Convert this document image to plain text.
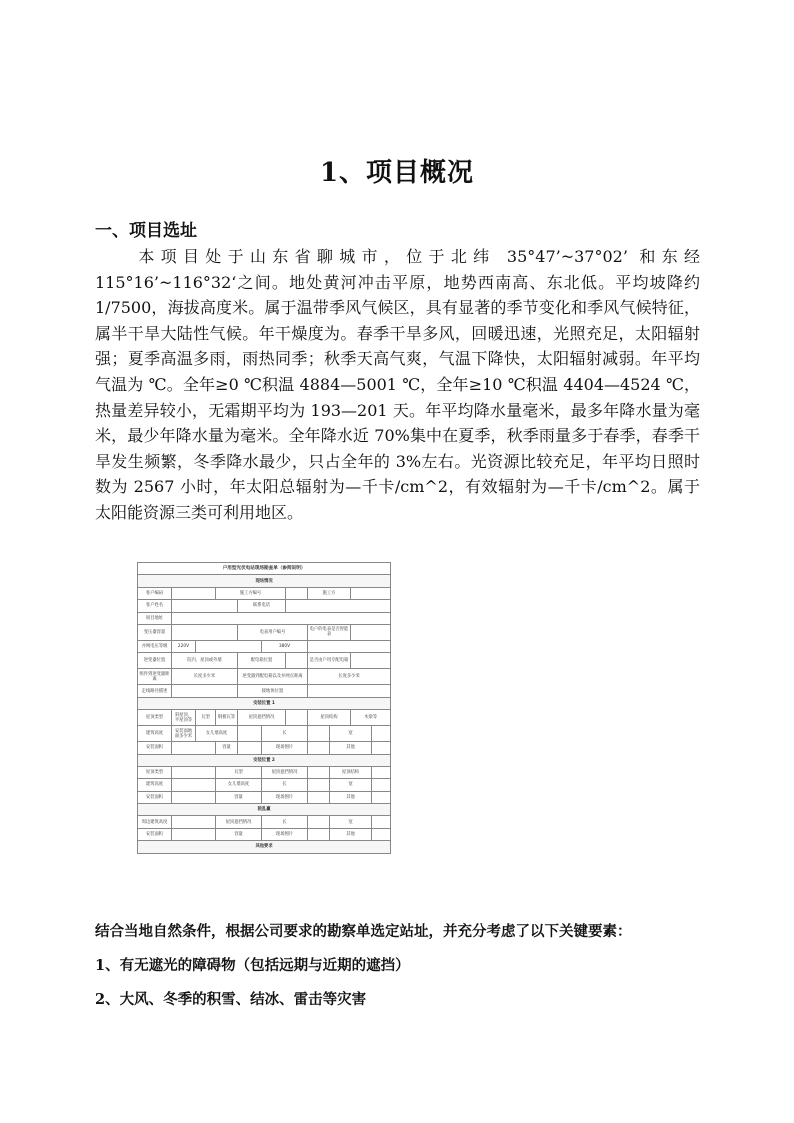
1、项目概况
一、项目选址
本项目处于山东省聊城市，位于北纬 35°47’~37°02’ 和东经 115°16’~116°32‘之间。地处黄河冲击平原，地势西南高、东北低。平均坡降约 1/7500，海拔高度米。属于温带季风气候区，具有显著的季节变化和季风气候特征，属半干旱大陆性气候。年干燥度为。春季干旱多风，回暖迅速，光照充足，太阳辐射强；夏季高温多雨，雨热同季；秋季天高气爽，气温下降快，太阳辐射减弱。年平均气温为 ℃。全年≥0 ℃积温 4884—5001 ℃，全年≥10 ℃积温 4404—4524 ℃，热量差异较小，无霜期平均为 193—201 天。年平均降水量毫米，最多年降水量为毫米，最少年降水量为毫米。全年降水近 70%集中在夏季，秋季雨量多于春季，春季干旱发生频繁，冬季降水最少，只占全年的 3%左右。光资源比较充足，年平均日照时数为 2567 小时，年太阳总辐射为—千卡/cm^2，有效辐射为—千卡/cm^2。属于太阳能资源三类可利用地区。
户用型光伏电站现场勘查单（参阅说明）										
现场情况										
客户编码			施工方编号				施工方			
客户姓名				联系电话						
项目地址										
变压器容量				电表用户编号			电户的电表是否智能表			
并网电压等级	220V				380V					
逆变器位置	院内、屋顶或外墙			配电箱位置			是否由户用专配电箱			
组件到逆变器距离	长度多少米			逆变器到配电箱以及并网点距离			长度多少米			
走线路径描述				接地体位置						
安装位置 1										
屋顶类型	斜屋顶，平屋顶等	瓦型	钢板瓦等	屋顶遮挡情况			屋顶结构		木梁等	
建筑高度	安装面地面多少米	女儿墙高度			长			宽		
安装面积			容量		现场图片			其他		
安装位置 2										
屋顶类型			瓦型		屋顶遮挡情况			屋顶结构		
建筑高度			女儿墙高度		长			宽		
安装面积			容量		现场图片			其他		
院乱赢										
周边建筑高度			屋顶遮挡情况		长			宽		
安装面积			容量		现场图片			其他		
其他要求										
结合当地自然条件，根据公司要求的勘察单选定站址，并充分考虑了以下关键要素：
1、有无遮光的障碍物（包括远期与近期的遮挡）
2、大风、冬季的积雪、结冰、雷击等灾害
